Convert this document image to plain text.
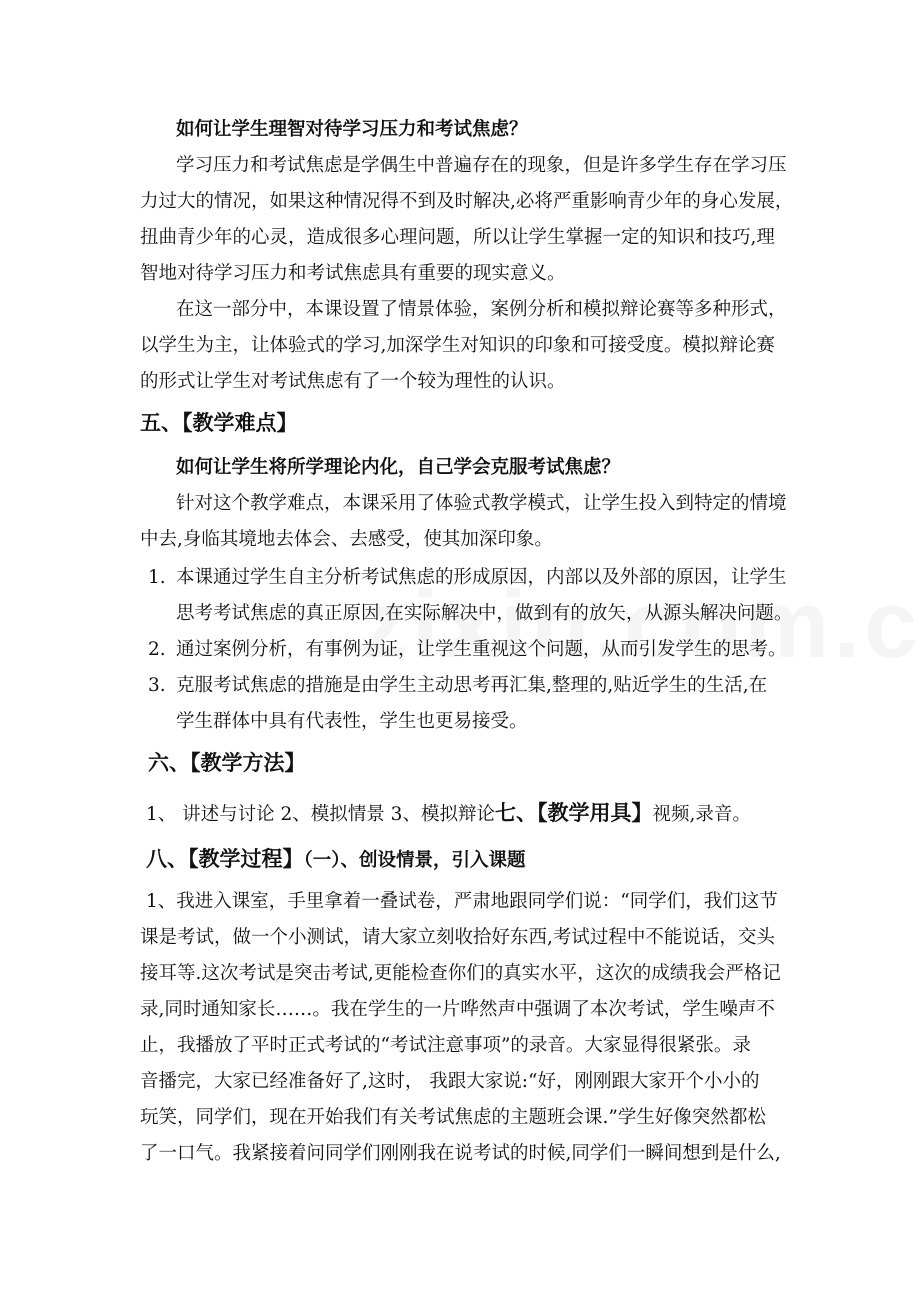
如何让学生理智对待学习压力和考试焦虑？
学习压力和考试焦虑是学偶生中普遍存在的现象，但是许多学生存在学习压
力过大的情况，如果这种情况得不到及时解决,必将严重影响青少年的身心发展，
扭曲青少年的心灵，造成很多心理问题，所以让学生掌握一定的知识和技巧,理
智地对待学习压力和考试焦虑具有重要的现实意义。
在这一部分中，本课设置了情景体验，案例分析和模拟辩论赛等多种形式，
以学生为主，让体验式的学习,加深学生对知识的印象和可接受度。模拟辩论赛
的形式让学生对考试焦虑有了一个较为理性的认识。
五、【教学难点】
如何让学生将所学理论内化，自己学会克服考试焦虑？
针对这个教学难点，本课采用了体验式教学模式，让学生投入到特定的情境
中去,身临其境地去体会、去感受，使其加深印象。
1. 本课通过学生自主分析考试焦虑的形成原因，内部以及外部的原因，让学生
思考考试焦虑的真正原因,在实际解决中，做到有的放矢，从源头解决问题。
2. 通过案例分析，有事例为证，让学生重视这个问题，从而引发学生的思考。
3. 克服考试焦虑的措施是由学生主动思考再汇集,整理的,贴近学生的生活,在
学生群体中具有代表性，学生也更易接受。
六、【教学方法】
1、 讲述与讨论 2、模拟情景 3、模拟辩论七、【教学用具】视频,录音。
八、【教学过程】（一）、创设情景，引入课题
1、我进入课室，手里拿着一叠试卷，严肃地跟同学们说：“同学们，我们这节
课是考试，做一个小测试，请大家立刻收拾好东西,考试过程中不能说话，交头
接耳等.这次考试是突击考试,更能检查你们的真实水平，这次的成绩我会严格记
录,同时通知家长……。我在学生的一片哗然声中强调了本次考试，学生噪声不
止，我播放了平时正式考试的“考试注意事项”的录音。大家显得很紧张。录
音播完，大家已经准备好了,这时， 我跟大家说:“好，刚刚跟大家开个小小的
玩笑，同学们，现在开始我们有关考试焦虑的主题班会课.”学生好像突然都松
了一口气。我紧接着问同学们刚刚我在说考试的时候,同学们一瞬间想到是什么,
